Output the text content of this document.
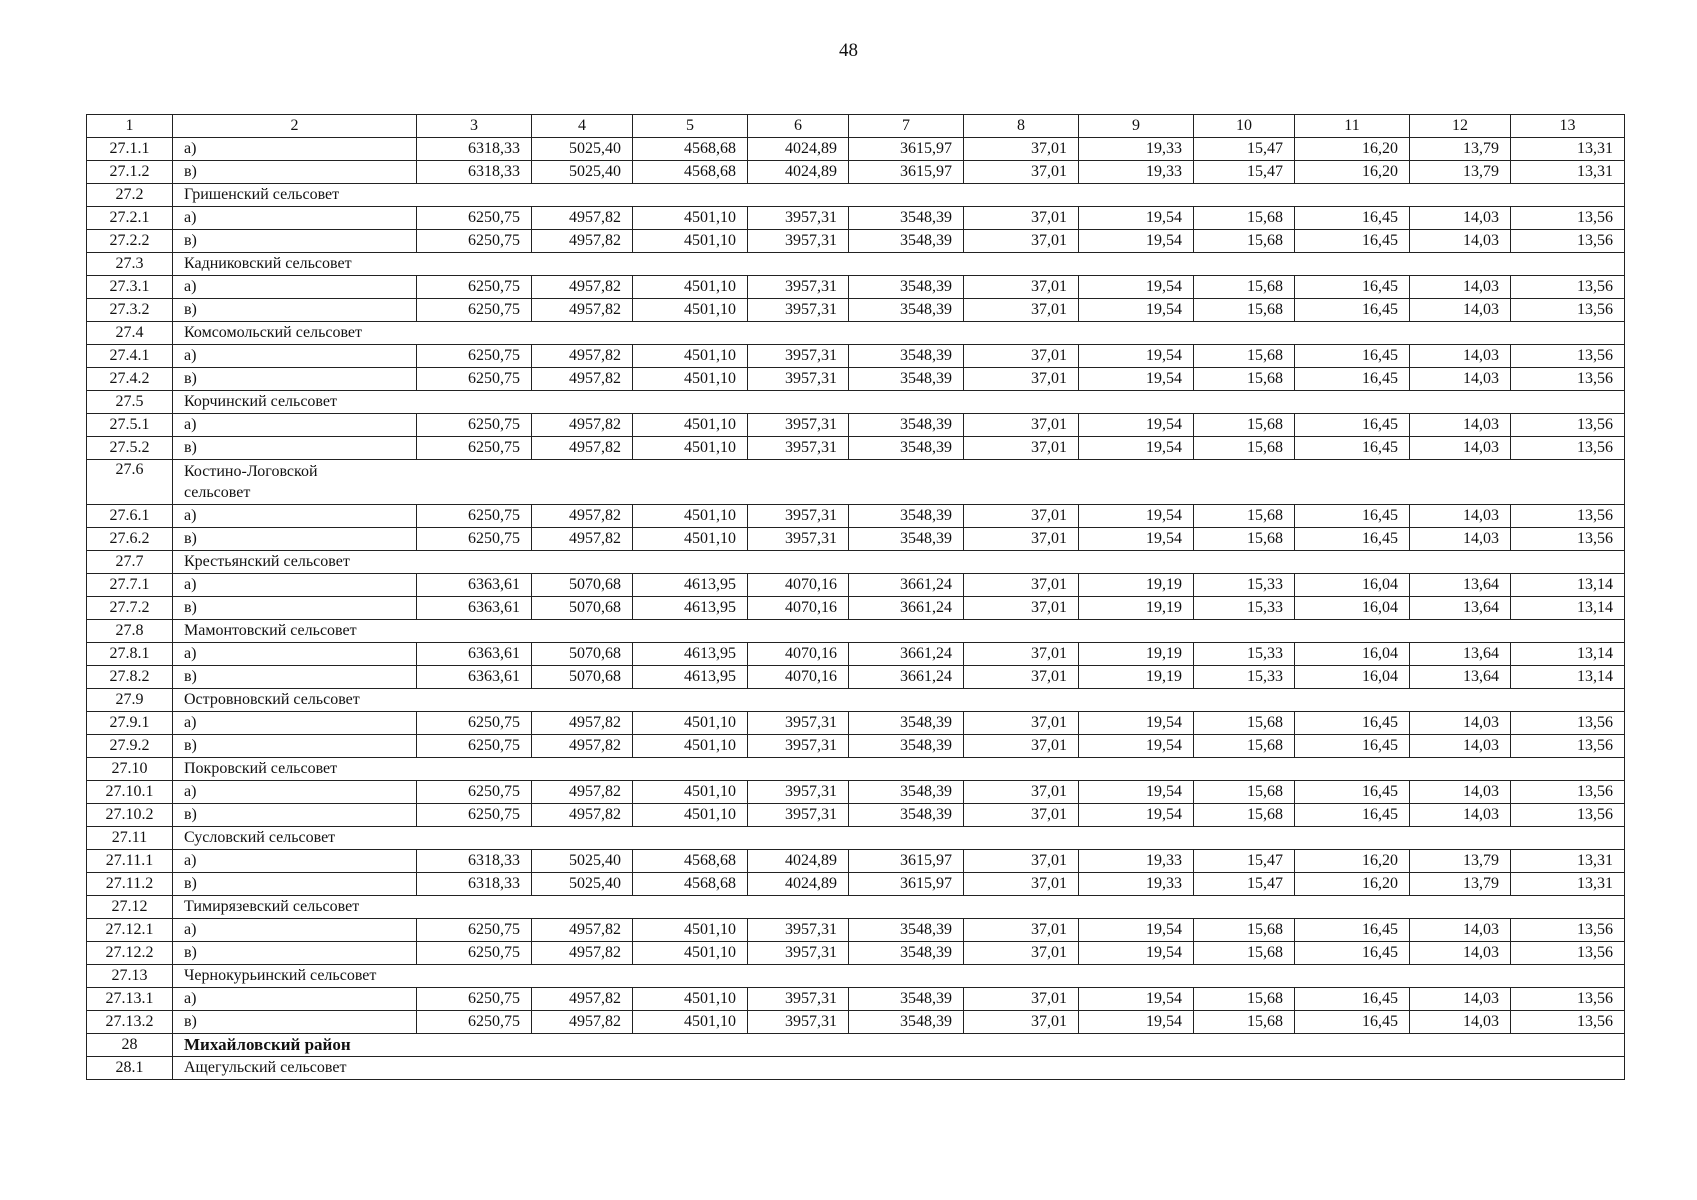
48
1	2	3	4	5	6	7	8	9	10	11	12	13
27.1.1	а)	6318,33	5025,40	4568,68	4024,89	3615,97	37,01	19,33	15,47	16,20	13,79	13,31
27.1.2	в)	6318,33	5025,40	4568,68	4024,89	3615,97	37,01	19,33	15,47	16,20	13,79	13,31
27.2	Гришенский сельсовет											
27.2.1	а)	6250,75	4957,82	4501,10	3957,31	3548,39	37,01	19,54	15,68	16,45	14,03	13,56
27.2.2	в)	6250,75	4957,82	4501,10	3957,31	3548,39	37,01	19,54	15,68	16,45	14,03	13,56
27.3	Кадниковский сельсовет											
27.3.1	а)	6250,75	4957,82	4501,10	3957,31	3548,39	37,01	19,54	15,68	16,45	14,03	13,56
27.3.2	в)	6250,75	4957,82	4501,10	3957,31	3548,39	37,01	19,54	15,68	16,45	14,03	13,56
27.4	Комсомольский сельсовет											
27.4.1	а)	6250,75	4957,82	4501,10	3957,31	3548,39	37,01	19,54	15,68	16,45	14,03	13,56
27.4.2	в)	6250,75	4957,82	4501,10	3957,31	3548,39	37,01	19,54	15,68	16,45	14,03	13,56
27.5	Корчинский сельсовет											
27.5.1	а)	6250,75	4957,82	4501,10	3957,31	3548,39	37,01	19,54	15,68	16,45	14,03	13,56
27.5.2	в)	6250,75	4957,82	4501,10	3957,31	3548,39	37,01	19,54	15,68	16,45	14,03	13,56
27.6	Костино-Логовской сельсовет											
27.6.1	а)	6250,75	4957,82	4501,10	3957,31	3548,39	37,01	19,54	15,68	16,45	14,03	13,56
27.6.2	в)	6250,75	4957,82	4501,10	3957,31	3548,39	37,01	19,54	15,68	16,45	14,03	13,56
27.7	Крестьянский сельсовет											
27.7.1	а)	6363,61	5070,68	4613,95	4070,16	3661,24	37,01	19,19	15,33	16,04	13,64	13,14
27.7.2	в)	6363,61	5070,68	4613,95	4070,16	3661,24	37,01	19,19	15,33	16,04	13,64	13,14
27.8	Мамонтовский сельсовет											
27.8.1	а)	6363,61	5070,68	4613,95	4070,16	3661,24	37,01	19,19	15,33	16,04	13,64	13,14
27.8.2	в)	6363,61	5070,68	4613,95	4070,16	3661,24	37,01	19,19	15,33	16,04	13,64	13,14
27.9	Островновский сельсовет											
27.9.1	а)	6250,75	4957,82	4501,10	3957,31	3548,39	37,01	19,54	15,68	16,45	14,03	13,56
27.9.2	в)	6250,75	4957,82	4501,10	3957,31	3548,39	37,01	19,54	15,68	16,45	14,03	13,56
27.10	Покровский сельсовет											
27.10.1	а)	6250,75	4957,82	4501,10	3957,31	3548,39	37,01	19,54	15,68	16,45	14,03	13,56
27.10.2	в)	6250,75	4957,82	4501,10	3957,31	3548,39	37,01	19,54	15,68	16,45	14,03	13,56
27.11	Сусловский сельсовет											
27.11.1	а)	6318,33	5025,40	4568,68	4024,89	3615,97	37,01	19,33	15,47	16,20	13,79	13,31
27.11.2	в)	6318,33	5025,40	4568,68	4024,89	3615,97	37,01	19,33	15,47	16,20	13,79	13,31
27.12	Тимирязевский сельсовет											
27.12.1	а)	6250,75	4957,82	4501,10	3957,31	3548,39	37,01	19,54	15,68	16,45	14,03	13,56
27.12.2	в)	6250,75	4957,82	4501,10	3957,31	3548,39	37,01	19,54	15,68	16,45	14,03	13,56
27.13	Чернокурьинский сельсовет											
27.13.1	а)	6250,75	4957,82	4501,10	3957,31	3548,39	37,01	19,54	15,68	16,45	14,03	13,56
27.13.2	в)	6250,75	4957,82	4501,10	3957,31	3548,39	37,01	19,54	15,68	16,45	14,03	13,56
28	Михайловский район											
28.1	Ащегульский сельсовет											
